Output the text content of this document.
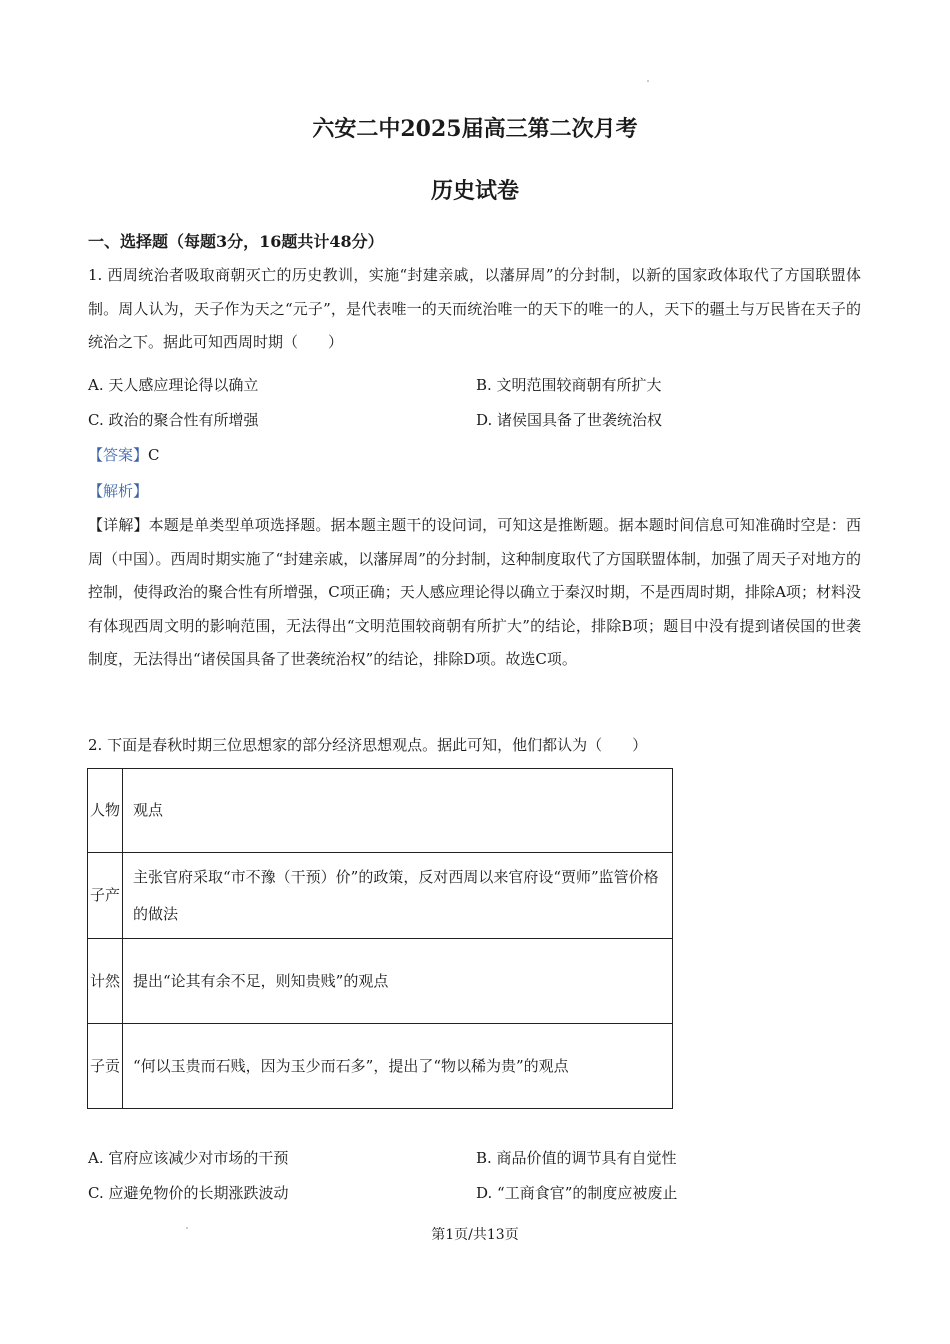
六安二中2025届高三第二次月考
历史试卷
一、选择题（每题3分，16题共计48分）
1. 西周统治者吸取商朝灭亡的历史教训，实施“封建亲戚，以藩屏周”的分封制，以新的国家政体取代了方国联盟体制。周人认为，天子作为天之“元子”，是代表唯一的天而统治唯一的天下的唯一的人，天下的疆土与万民皆在天子的统治之下。据此可知西周时期（　　）
A. 天人感应理论得以确立	B. 文明范围较商朝有所扩大
C. 政治的聚合性有所增强	D. 诸侯国具备了世袭统治权
【答案】C
【解析】
【详解】本题是单类型单项选择题。据本题主题干的设问词，可知这是推断题。据本题时间信息可知准确时空是：西周（中国）。西周时期实施了“封建亲戚，以藩屏周”的分封制，这种制度取代了方国联盟体制，加强了周天子对地方的控制，使得政治的聚合性有所增强，C项正确；天人感应理论得以确立于秦汉时期，不是西周时期，排除A项；材料没有体现西周文明的影响范围，无法得出“文明范围较商朝有所扩大”的结论，排除B项；题目中没有提到诸侯国的世袭制度，无法得出“诸侯国具备了世袭统治权”的结论，排除D项。故选C项。
2. 下面是春秋时期三位思想家的部分经济思想观点。据此可知，他们都认为（　　）
人物	观点
子产	主张官府采取“市不豫（干预）价”的政策，反对西周以来官府设“贾师”监管价格的做法
计然	提出“论其有余不足，则知贵贱”的观点
子贡	“何以玉贵而石贱，因为玉少而石多”，提出了“物以稀为贵”的观点
A. 官府应该减少对市场的干预	B. 商品价值的调节具有自觉性
C. 应避免物价的长期涨跌波动	D. “工商食官”的制度应被废止
第1页/共13页
